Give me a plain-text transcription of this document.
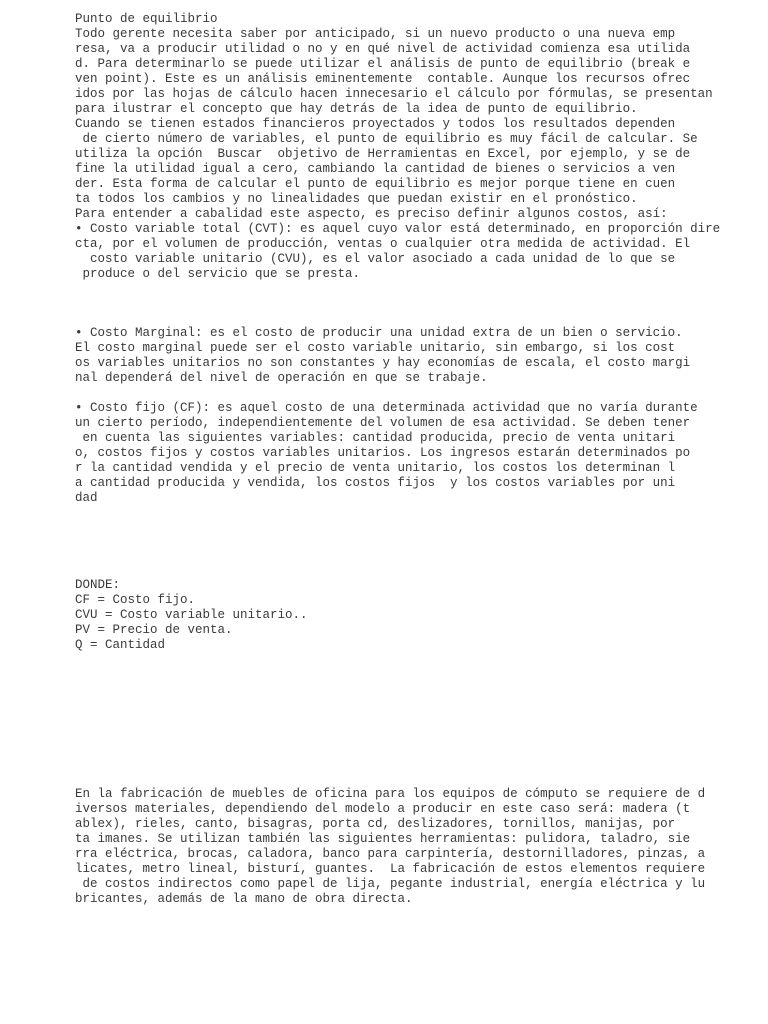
Punto de equilibrio

Todo gerente necesita saber por anticipado, si un nuevo producto o una nueva emp

resa, va a producir utilidad o no y en qué nivel de actividad comienza esa utilida

d. Para determinarlo se puede utilizar el análisis de punto de equilibrio (break e

ven point). Este es un análisis eminentemente  contable. Aunque los recursos ofrec

idos por las hojas de cálculo hacen innecesario el cálculo por fórmulas, se presentan

para ilustrar el concepto que hay detrás de la idea de punto de equilibrio.

Cuando se tienen estados financieros proyectados y todos los resultados dependen

de cierto número de variables, el punto de equilibrio es muy fácil de calcular. Se

utiliza la opción  Buscar  objetivo de Herramientas en Excel, por ejemplo, y se de

fine la utilidad igual a cero, cambiando la cantidad de bienes o servicios a ven

der. Esta forma de calcular el punto de equilibrio es mejor porque tiene en cuen

ta todos los cambios y no linealidades que puedan existir en el pronóstico.

Para entender a cabalidad este aspecto, es preciso definir algunos costos, así:

• Costo variable total (CVT): es aquel cuyo valor está determinado, en proporción dire

cta, por el volumen de producción, ventas o cualquier otra medida de actividad. El

costo variable unitario (CVU), es el valor asociado a cada unidad de lo que se

produce o del servicio que se presta.

• Costo Marginal: es el costo de producir una unidad extra de un bien o servicio.

El costo marginal puede ser el costo variable unitario, sin embargo, si los cost

os variables unitarios no son constantes y hay economías de escala, el costo margi

nal dependerá del nivel de operación en que se trabaje.

• Costo fijo (CF): es aquel costo de una determinada actividad que no varía durante

un cierto período, independientemente del volumen de esa actividad. Se deben tener

en cuenta las siguientes variables: cantidad producida, precio de venta unitari

o, costos fijos y costos variables unitarios. Los ingresos estarán determinados po

r la cantidad vendida y el precio de venta unitario, los costos los determinan l

a cantidad producida y vendida, los costos fijos  y los costos variables por uni

dad

DONDE:

CF = Costo fijo.

CVU = Costo variable unitario..

PV = Precio de venta.

Q = Cantidad

En la fabricación de muebles de oficina para los equipos de cómputo se requiere de d

iversos materiales, dependiendo del modelo a producir en este caso será: madera (t

ablex), rieles, canto, bisagras, porta cd, deslizadores, tornillos, manijas, por

ta imanes. Se utilizan también las siguientes herramientas: pulidora, taladro, sie

rra eléctrica, brocas, caladora, banco para carpintería, destornilladores, pinzas, a

licates, metro lineal, bisturí, guantes.  La fabricación de estos elementos requiere

de costos indirectos como papel de lija, pegante industrial, energía eléctrica y lu

bricantes, además de la mano de obra directa.
